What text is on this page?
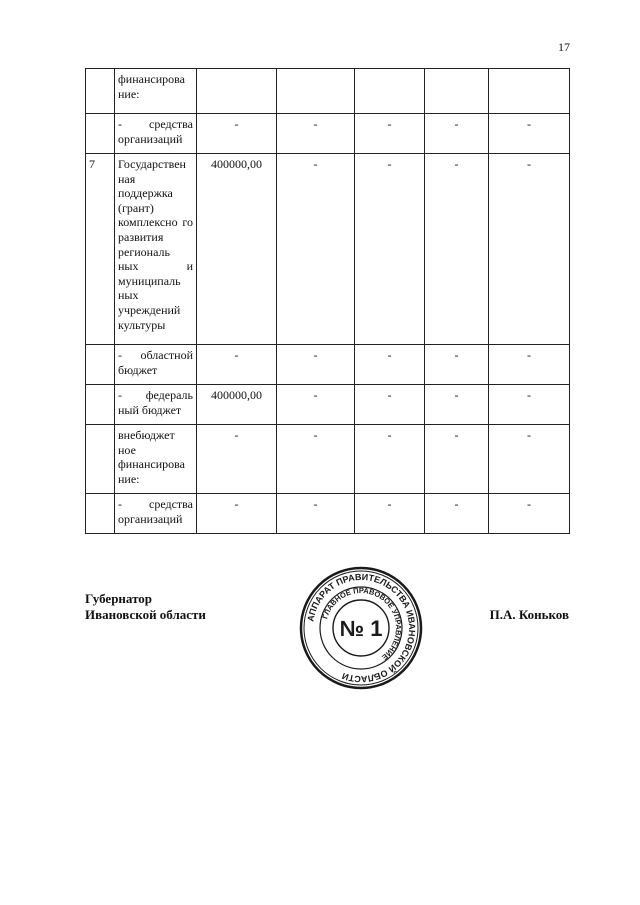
17
	финансирова ние:					
	- средства организаций	-	-	-	-	-
7	Государствен ная поддержка (грант) комплексно го развития региональ ных и муниципаль ных учреждений культуры	400000,00	-	-	-	-
	- областной бюджет	-	-	-	-	-
	- федераль ный бюджет	400000,00	-	-	-	-
	внебюджет ное финансирова ние:	-	-	-	-	-
	- средства организаций	-	-	-	-	-
Губернатор
Ивановской области	АППАРАТ ПРАВИТЕЛЬСТВА ИВАНОВСКОЙ ОБЛАСТИ
ГЛАВНОЕ ПРАВОВОЕ УПРАВЛЕНИЕ
№ 1
П.А. Коньков
